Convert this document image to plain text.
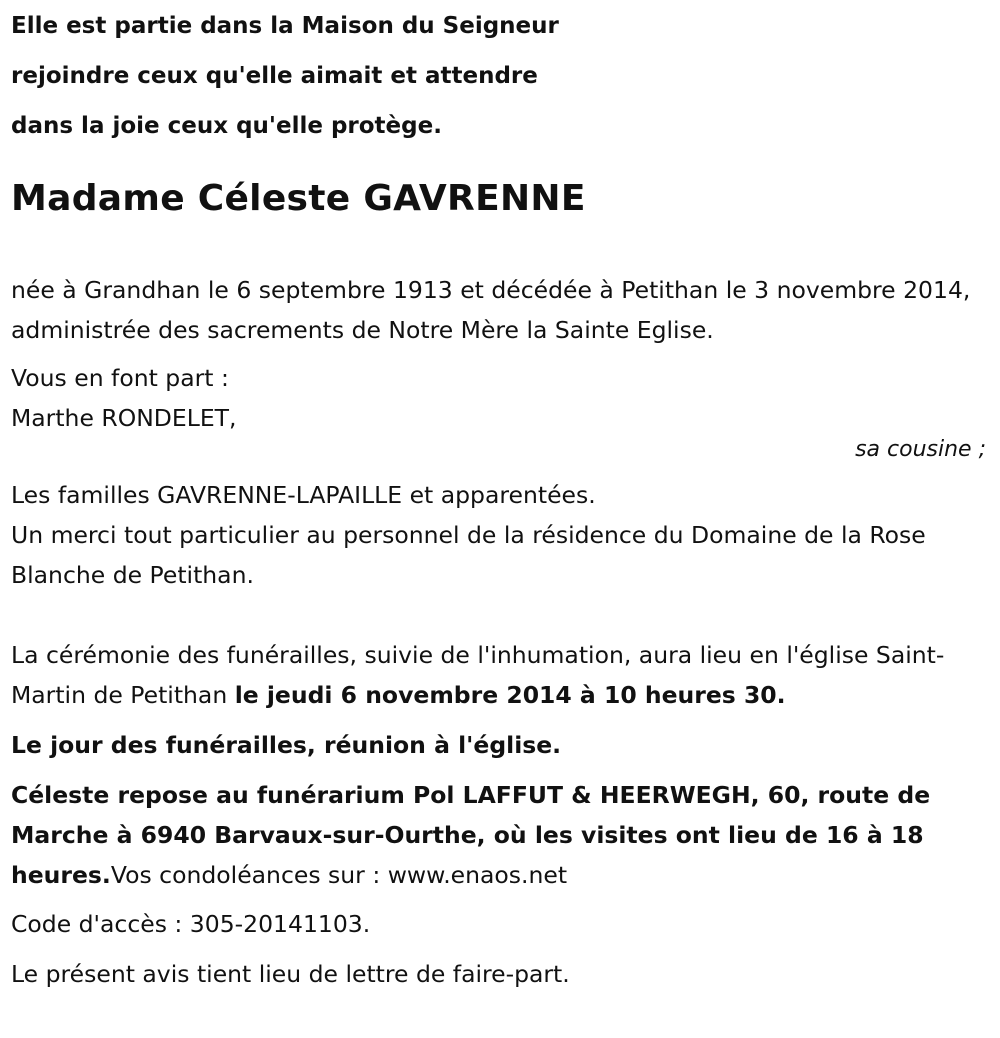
Elle est partie dans la Maison du Seigneur
rejoindre ceux qu'elle aimait et attendre
dans la joie ceux qu'elle protège.
Madame Céleste GAVRENNE
née à Grandhan le 6 septembre 1913 et décédée à Petithan le 3 novembre 2014, administrée des sacrements de Notre Mère la Sainte Eglise.
Vous en font part :
Marthe RONDELET,
sa cousine ;
Les familles GAVRENNE-LAPAILLE et apparentées.
Un merci tout particulier au personnel de la résidence du Domaine de la Rose Blanche de Petithan.
La cérémonie des funérailles, suivie de l'inhumation, aura lieu en l'église Saint-Martin de Petithan le jeudi 6 novembre 2014 à 10 heures 30.
Le jour des funérailles, réunion à l'église.
Céleste repose au funérarium Pol LAFFUT & HEERWEGH, 60, route de Marche à 6940 Barvaux-sur-Ourthe, où les visites ont lieu de 16 à 18 heures.Vos condoléances sur : www.enaos.net
Code d'accès : 305-20141103.
Le présent avis tient lieu de lettre de faire-part.
